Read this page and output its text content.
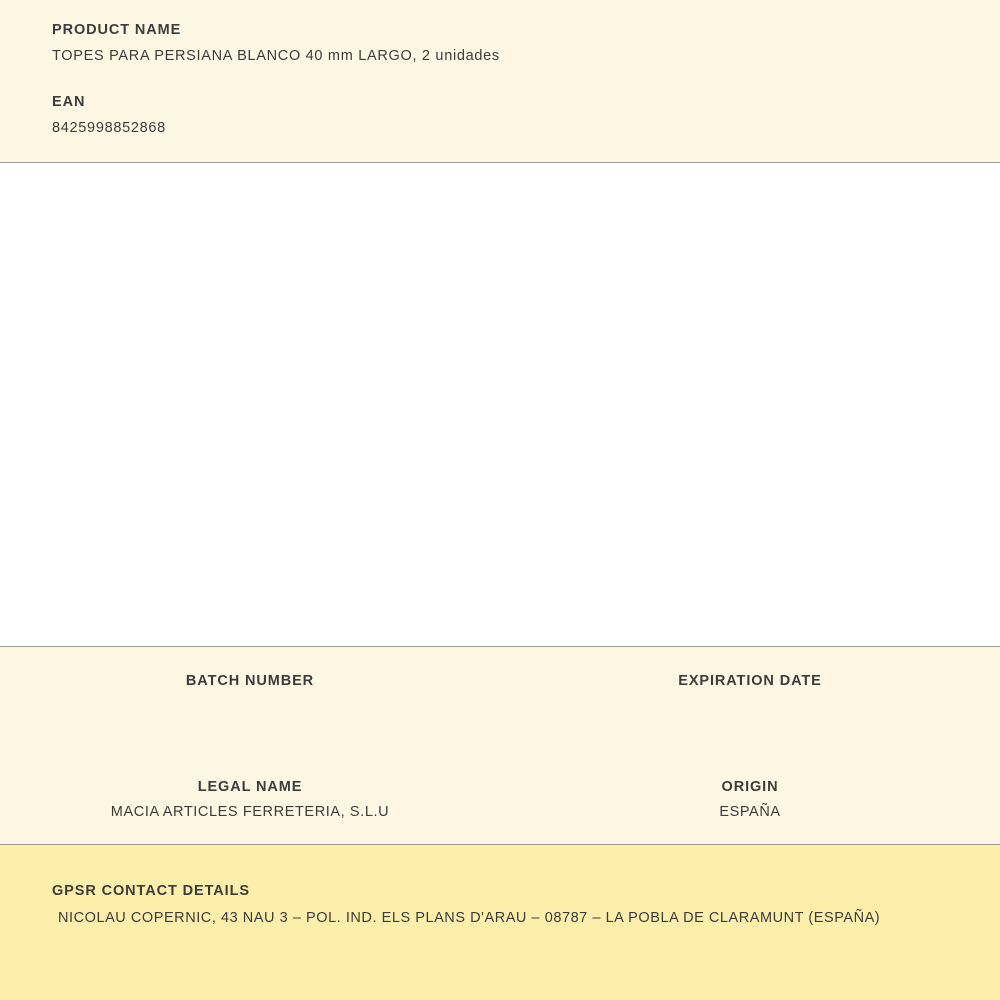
PRODUCT NAME
TOPES PARA PERSIANA BLANCO 40 mm LARGO, 2 unidades
EAN
8425998852868
BATCH NUMBER	EXPIRATION DATE
LEGAL NAME
MACIA ARTICLES FERRETERIA, S.L.U
ORIGIN
ESPAÑA
GPSR CONTACT DETAILS
NICOLAU COPERNIC, 43 NAU 3 – POL. IND. ELS PLANS D'ARAU – 08787 – LA POBLA DE CLARAMUNT (ESPAÑA)
